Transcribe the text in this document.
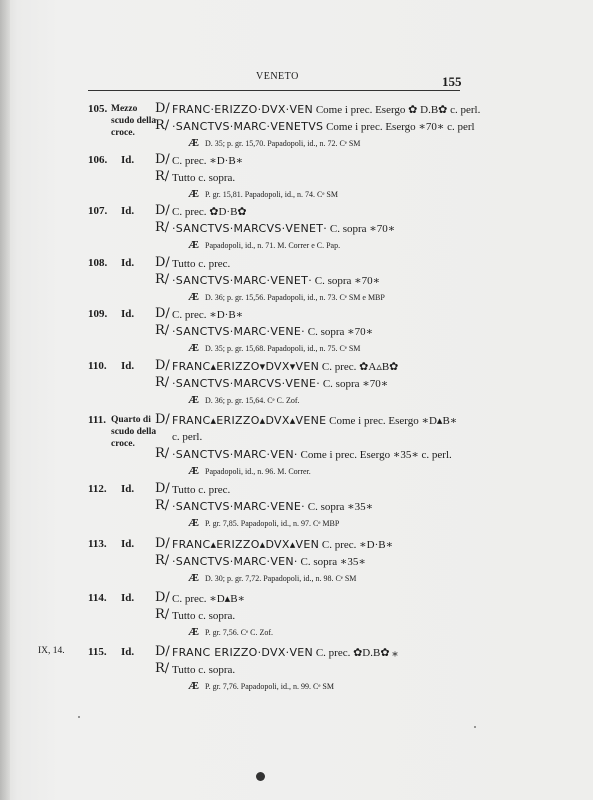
VENETO	155
IX, 14.
105. Mezzo scudo della croce.
D/ FRANC·ERIZZO·DVX·VEN Come i prec. Esergo ✿ D.B✿ c. perl.
R/ ·SANCTVS·MARC·VENETVS Come i prec. Esergo ∗70∗ c. perl
Æ D. 35; p. gr. 15,70. Papadopoli, id., n. 72. Cᵉ SM
106. Id. D/ C. prec. ∗D·B∗
R/ Tutto c. sopra.
Æ P. gr. 15,81. Papadopoli, id., n. 74. Cᵉ SM
107. Id. D/ C. prec. ✿D·B✿
R/ ·SANCTVS·MARCVS·VENET· C. sopra ∗70∗
Æ Papadopoli, id., n. 71. M. Correr e C. Pap.
108. Id. D/ Tutto c. prec.
R/ ·SANCTVS·MARC·VENET· C. sopra ∗70∗
Æ D. 36; p. gr. 15,56. Papadopoli, id., n. 73. Cᵉ SM e MBP
109. Id. D/ C. prec. ∗D·B∗
R/ ·SANCTVS·MARC·VENE· C. sopra ∗70∗
Æ D. 35; p. gr. 15,68. Papadopoli, id., n. 75. Cᵉ SM
110. Id. D/ FRANC▴ERIZZO▾DVX▾VEN C. prec. ✿A▵B✿
R/ ·SANCTVS·MARCVS·VENE· C. sopra ∗70∗
Æ D. 36; p. gr. 15,64. Cᵉ C. Zof.
111. Quarto di scudo della croce.
D/ FRANC▴ERIZZO▴DVX▴VENE Come i prec. Esergo ∗D▴B∗
c. perl.
R/ ·SANCTVS·MARC·VEN· Come i prec. Esergo ∗35∗ c. perl.
Æ Papadopoli, id., n. 96. M. Correr.
112. Id. D/ Tutto c. prec.
R/ ·SANCTVS·MARC·VENE· C. sopra ∗35∗
Æ P. gr. 7,85. Papadopoli, id., n. 97. Cᵉ MBP
113. Id. D/ FRANC▴ERIZZO▴DVX▴VEN C. prec. ∗D·B∗
R/ ·SANCTVS·MARC·VEN· C. sopra ∗35∗
Æ D. 30; p. gr. 7,72. Papadopoli, id., n. 98. Cᵉ SM
114. Id. D/ C. prec. ∗D▴B∗
R/ Tutto c. sopra.
Æ P. gr. 7,56. Cᵉ C. Zof.
115. Id. D/ FRANC ERIZZO·DVX·VEN C. prec. ✿D.B✿ ⁎
R/ Tutto c. sopra.
Æ P. gr. 7,76. Papadopoli, id., n. 99. Cᵉ SM
